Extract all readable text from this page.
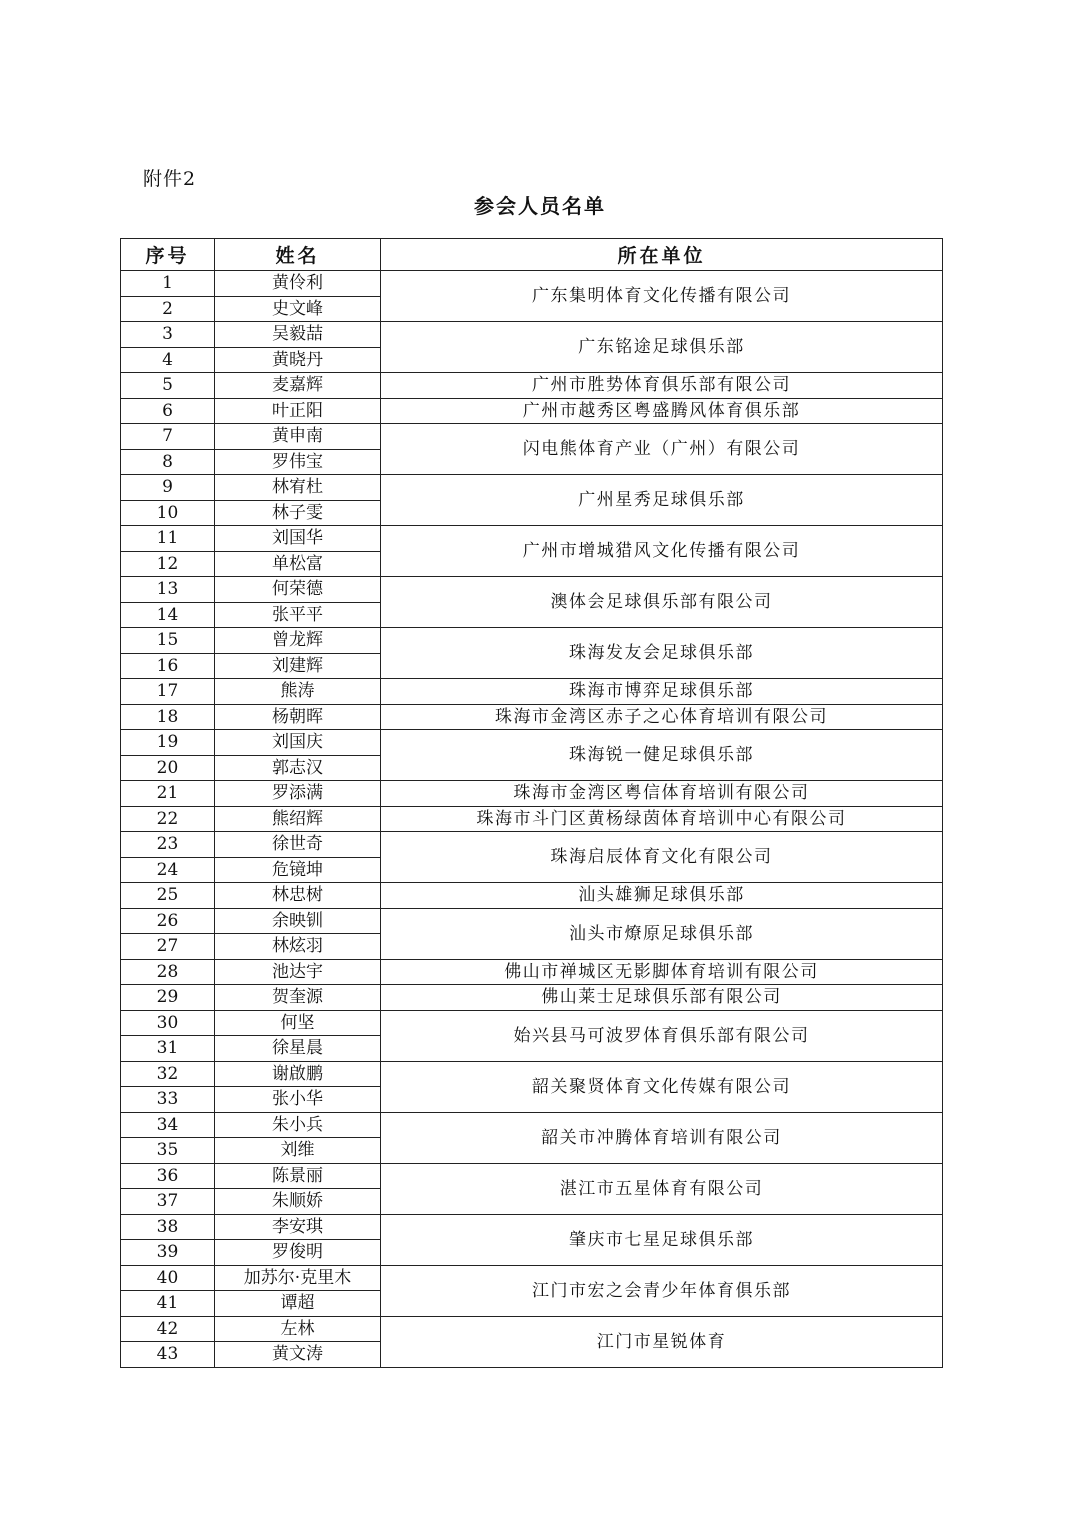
附件2
参会人员名单
序号	姓名	所在单位
1	黄伶利	广东集明体育文化传播有限公司
2	史文峰	
3	吴毅喆	广东铭途足球俱乐部
4	黄晓丹	
5	麦嘉辉	广州市胜势体育俱乐部有限公司
6	叶正阳	广州市越秀区粤盛腾风体育俱乐部
7	黄申南	闪电熊体育产业（广州）有限公司
8	罗伟宝	
9	林宥杜	广州星秀足球俱乐部
10	林子雯	
11	刘国华	广州市增城猎风文化传播有限公司
12	单松富	
13	何荣德	澳体会足球俱乐部有限公司
14	张平平	
15	曾龙辉	珠海发友会足球俱乐部
16	刘建辉	
17	熊涛	珠海市博弈足球俱乐部
18	杨朝晖	珠海市金湾区赤子之心体育培训有限公司
19	刘国庆	珠海锐一健足球俱乐部
20	郭志汉	
21	罗添满	珠海市金湾区粤信体育培训有限公司
22	熊绍辉	珠海市斗门区黄杨绿茵体育培训中心有限公司
23	徐世奇	珠海启辰体育文化有限公司
24	危镜坤	
25	林忠树	汕头雄狮足球俱乐部
26	余映钏	汕头市燎原足球俱乐部
27	林炫羽	
28	池达宇	佛山市禅城区无影脚体育培训有限公司
29	贺奎源	佛山莱士足球俱乐部有限公司
30	何坚	始兴县马可波罗体育俱乐部有限公司
31	徐星晨	
32	谢啟鹏	韶关聚贤体育文化传媒有限公司
33	张小华	
34	朱小兵	韶关市冲腾体育培训有限公司
35	刘维	
36	陈景丽	湛江市五星体育有限公司
37	朱顺娇	
38	李安琪	肇庆市七星足球俱乐部
39	罗俊明	
40	加苏尔·克里木	江门市宏之会青少年体育俱乐部
41	谭超	
42	左林	江门市星锐体育
43	黄文涛	
